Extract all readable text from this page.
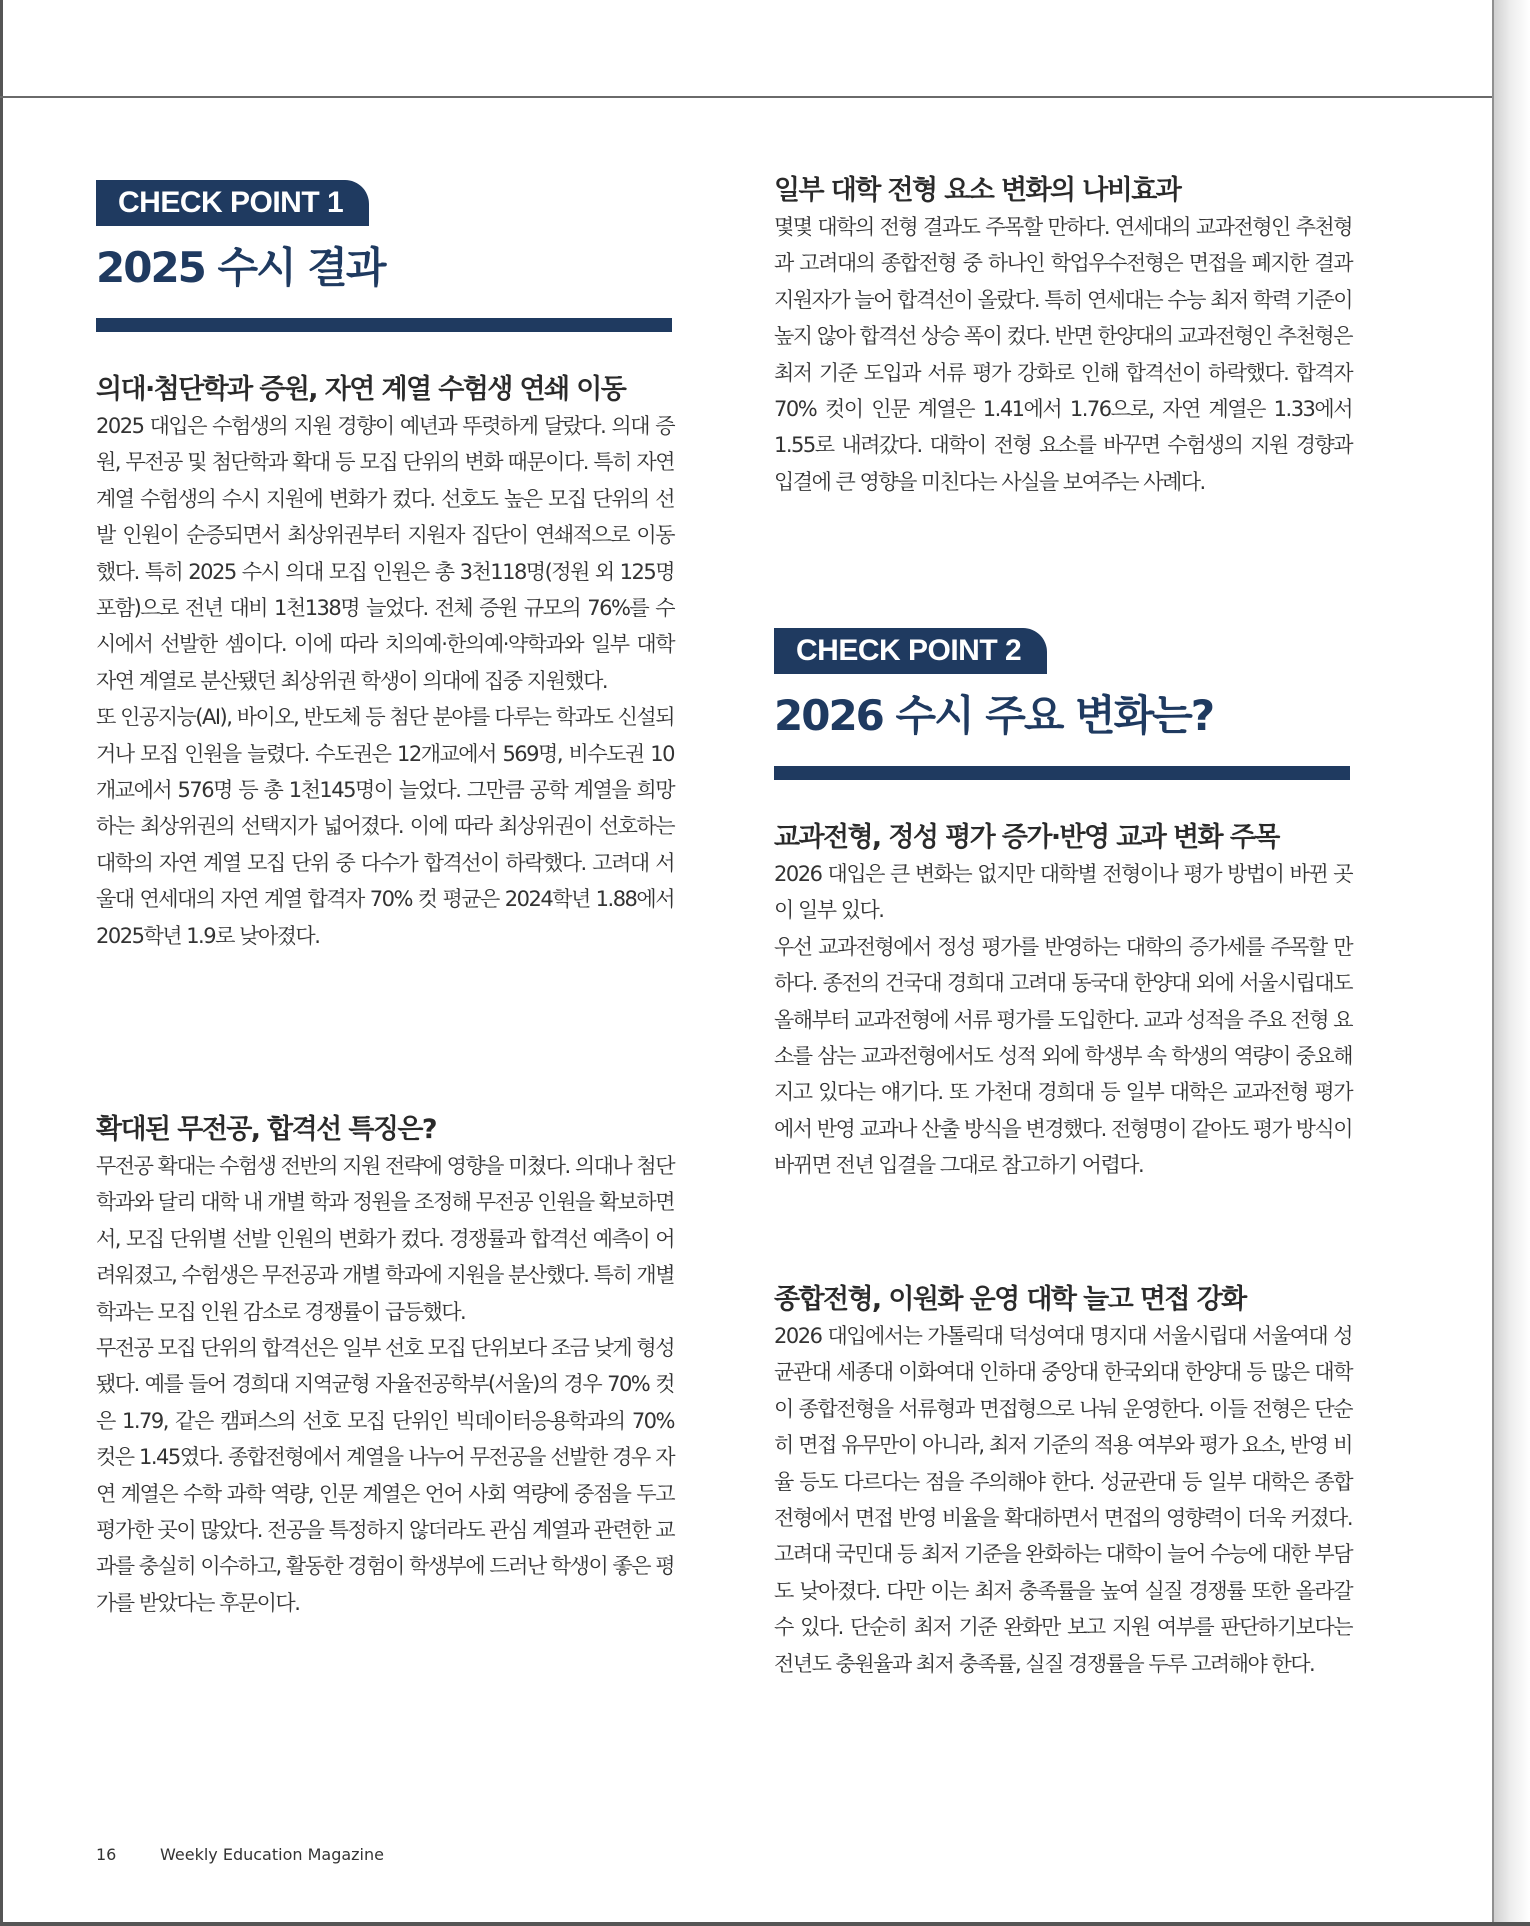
CHECK POINT 1
2025 수시 결과
의대·첨단학과 증원, 자연 계열 수험생 연쇄 이동

2025 대입은 수험생의 지원 경향이 예년과 뚜렷하게 달랐다. 의대 증원, 무전공 및 첨단학과 확대 등 모집 단위의 변화 때문이다. 특히 자연 계열 수험생의 수시 지원에 변화가 컸다. 선호도 높은 모집 단위의 선발 인원이 순증되면서 최상위권부터 지원자 집단이 연쇄적으로 이동했다. 특히 2025 수시 의대 모집 인원은 총 3천118명(정원 외 125명 포함)으로 전년 대비 1천138명 늘었다. 전체 증원 규모의 76%를 수시에서 선발한 셈이다. 이에 따라 치의예·한의예·약학과와 일부 대학 자연 계열로 분산됐던 최상위권 학생이 의대에 집중 지원했다.

또 인공지능(AI), 바이오, 반도체 등 첨단 분야를 다루는 학과도 신설되거나 모집 인원을 늘렸다. 수도권은 12개교에서 569명, 비수도권 10개교에서 576명 등 총 1천145명이 늘었다. 그만큼 공학 계열을 희망하는 최상위권의 선택지가 넓어졌다. 이에 따라 최상위권이 선호하는 대학의 자연 계열 모집 단위 중 다수가 합격선이 하락했다. 고려대 서울대 연세대의 자연 계열 합격자 70% 컷 평균은 2024학년 1.88에서 2025학년 1.9로 낮아졌다.

확대된 무전공, 합격선 특징은?

무전공 확대는 수험생 전반의 지원 전략에 영향을 미쳤다. 의대나 첨단학과와 달리 대학 내 개별 학과 정원을 조정해 무전공 인원을 확보하면서, 모집 단위별 선발 인원의 변화가 컸다. 경쟁률과 합격선 예측이 어려워졌고, 수험생은 무전공과 개별 학과에 지원을 분산했다. 특히 개별 학과는 모집 인원 감소로 경쟁률이 급등했다.

무전공 모집 단위의 합격선은 일부 선호 모집 단위보다 조금 낮게 형성됐다. 예를 들어 경희대 지역균형 자율전공학부(서울)의 경우 70% 컷은 1.79, 같은 캠퍼스의 선호 모집 단위인 빅데이터응용학과의 70% 컷은 1.45였다. 종합전형에서 계열을 나누어 무전공을 선발한 경우 자연 계열은 수학 과학 역량, 인문 계열은 언어 사회 역량에 중점을 두고 평가한 곳이 많았다. 전공을 특정하지 않더라도 관심 계열과 관련한 교과를 충실히 이수하고, 활동한 경험이 학생부에 드러난 학생이 좋은 평가를 받았다는 후문이다.

일부 대학 전형 요소 변화의 나비효과

몇몇 대학의 전형 결과도 주목할 만하다. 연세대의 교과전형인 추천형과 고려대의 종합전형 중 하나인 학업우수전형은 면접을 폐지한 결과 지원자가 늘어 합격선이 올랐다. 특히 연세대는 수능 최저 학력 기준이 높지 않아 합격선 상승 폭이 컸다. 반면 한양대의 교과전형인 추천형은 최저 기준 도입과 서류 평가 강화로 인해 합격선이 하락했다. 합격자 70% 컷이 인문 계열은 1.41에서 1.76으로, 자연 계열은 1.33에서 1.55로 내려갔다. 대학이 전형 요소를 바꾸면 수험생의 지원 경향과 입결에 큰 영향을 미친다는 사실을 보여주는 사례다.

CHECK POINT 2
2026 수시 주요 변화는?
교과전형, 정성 평가 증가·반영 교과 변화 주목

2026 대입은 큰 변화는 없지만 대학별 전형이나 평가 방법이 바뀐 곳이 일부 있다.

우선 교과전형에서 정성 평가를 반영하는 대학의 증가세를 주목할 만하다. 종전의 건국대 경희대 고려대 동국대 한양대 외에 서울시립대도 올해부터 교과전형에 서류 평가를 도입한다. 교과 성적을 주요 전형 요소를 삼는 교과전형에서도 성적 외에 학생부 속 학생의 역량이 중요해지고 있다는 얘기다. 또 가천대 경희대 등 일부 대학은 교과전형 평가에서 반영 교과나 산출 방식을 변경했다. 전형명이 같아도 평가 방식이 바뀌면 전년 입결을 그대로 참고하기 어렵다.

종합전형, 이원화 운영 대학 늘고 면접 강화

2026 대입에서는 가톨릭대 덕성여대 명지대 서울시립대 서울여대 성균관대 세종대 이화여대 인하대 중앙대 한국외대 한양대 등 많은 대학이 종합전형을 서류형과 면접형으로 나눠 운영한다. 이들 전형은 단순히 면접 유무만이 아니라, 최저 기준의 적용 여부와 평가 요소, 반영 비율 등도 다르다는 점을 주의해야 한다. 성균관대 등 일부 대학은 종합전형에서 면접 반영 비율을 확대하면서 면접의 영향력이 더욱 커졌다. 고려대 국민대 등 최저 기준을 완화하는 대학이 늘어 수능에 대한 부담도 낮아졌다. 다만 이는 최저 충족률을 높여 실질 경쟁률 또한 올라갈 수 있다. 단순히 최저 기준 완화만 보고 지원 여부를 판단하기보다는 전년도 충원율과 최저 충족률, 실질 경쟁률을 두루 고려해야 한다.

16	Weekly Education Magazine
